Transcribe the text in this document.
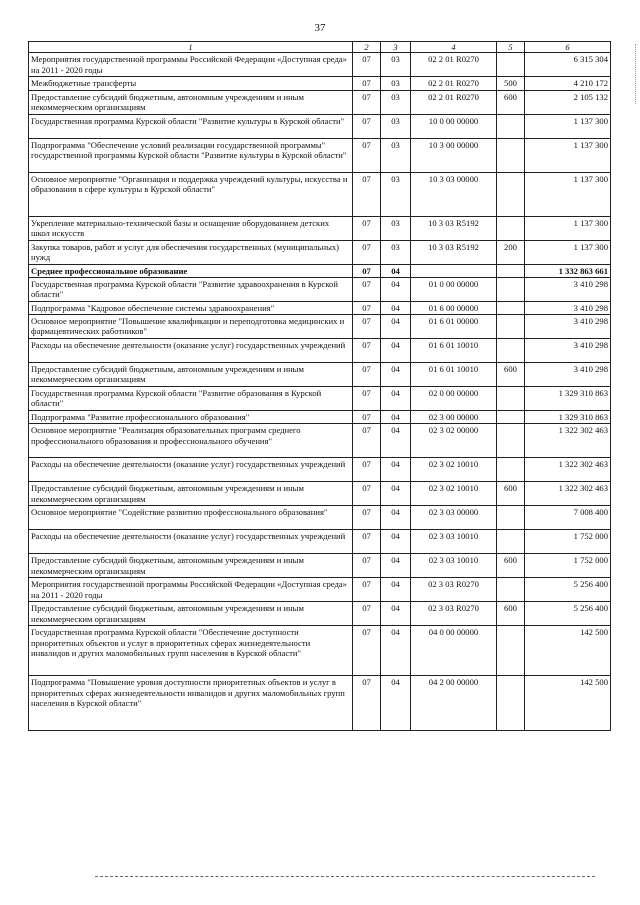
37
1	2	3	4	5	6
Мероприятия государственной программы Российской Федерации «Доступная среда» на 2011 - 2020 годы	07	03	02 2 01 R0270		6 315 304
Межбюджетные трансферты	07	03	02 2 01 R0270	500	4 210 172
Предоставление субсидий бюджетным, автономным учреждениям и иным некоммерческим организациям	07	03	02 2 01 R0270	600	2 105 132
Государственная программа Курской области "Развитие культуры в Курской области"	07	03	10 0 00 00000		1 137 300
Подпрограмма "Обеспечение условий реализации государственной программы" государственной программы Курской области "Развитие культуры в Курской области"	07	03	10 3 00 00000		1 137 300
Основное мероприятие "Организация и поддержка учреждений культуры, искусства и образования в сфере культуры в Курской области"	07	03	10 3 03 00000		1 137 300
Укрепление материально-технической базы и оснащение оборудованием детских школ искусств	07	03	10 3 03 R5192		1 137 300
Закупка товаров, работ и услуг для обеспечения государственных (муниципальных) нужд	07	03	10 3 03 R5192	200	1 137 300
Среднее профессиональное образование	07	04			1 332 863 661
Государственная программа Курской области "Развитие здравоохранения в Курской области"	07	04	01 0 00 00000		3 410 298
Подпрограмма "Кадровое обеспечение системы здравоохранения"	07	04	01 6 00 00000		3 410 298
Основное мероприятие "Повышение квалификации и переподготовка медицинских и фармацевтических работников"	07	04	01 6 01 00000		3 410 298
Расходы на обеспечение деятельности (оказание услуг) государственных учреждений	07	04	01 6 01 10010		3 410 298
Предоставление субсидий бюджетным, автономным учреждениям и иным некоммерческим организациям	07	04	01 6 01 10010	600	3 410 298
Государственная программа Курской области "Развитие образования в Курской области"	07	04	02 0 00 00000		1 329 310 863
Подпрограмма "Развитие профессионального образования"	07	04	02 3 00 00000		1 329 310 863
Основное мероприятие "Реализация образовательных программ среднего профессионального образования и профессионального обучения"	07	04	02 3 02 00000		1 322 302 463
Расходы на обеспечение деятельности (оказание услуг) государственных учреждений	07	04	02 3 02 10010		1 322 302 463
Предоставление субсидий бюджетным, автономным учреждениям и иным некоммерческим организациям	07	04	02 3 02 10010	600	1 322 302 463
Основное мероприятие "Содействие развитию профессионального образования"	07	04	02 3 03 00000		7 008 400
Расходы на обеспечение деятельности (оказание услуг) государственных учреждений	07	04	02 3 03 10010		1 752 000
Предоставление субсидий бюджетным, автономным учреждениям и иным некоммерческим организациям	07	04	02 3 03 10010	600	1 752 000
Мероприятия государственной программы Российской Федерации «Доступная среда» на 2011 - 2020 годы	07	04	02 3 03 R0270		5 256 400
Предоставление субсидий бюджетным, автономным учреждениям и иным некоммерческим организациям	07	04	02 3 03 R0270	600	5 256 400
Государственная программа Курской области "Обеспечение доступности приоритетных объектов и услуг в приоритетных сферах жизнедеятельности инвалидов и других маломобильных групп населения в Курской области"	07	04	04 0 00 00000		142 500
Подпрограмма "Повышение уровня доступности приоритетных объектов и услуг в приоритетных сферах жизнедеятельности инвалидов и других маломобильных групп населения в Курской области"	07	04	04 2 00 00000		142 500
